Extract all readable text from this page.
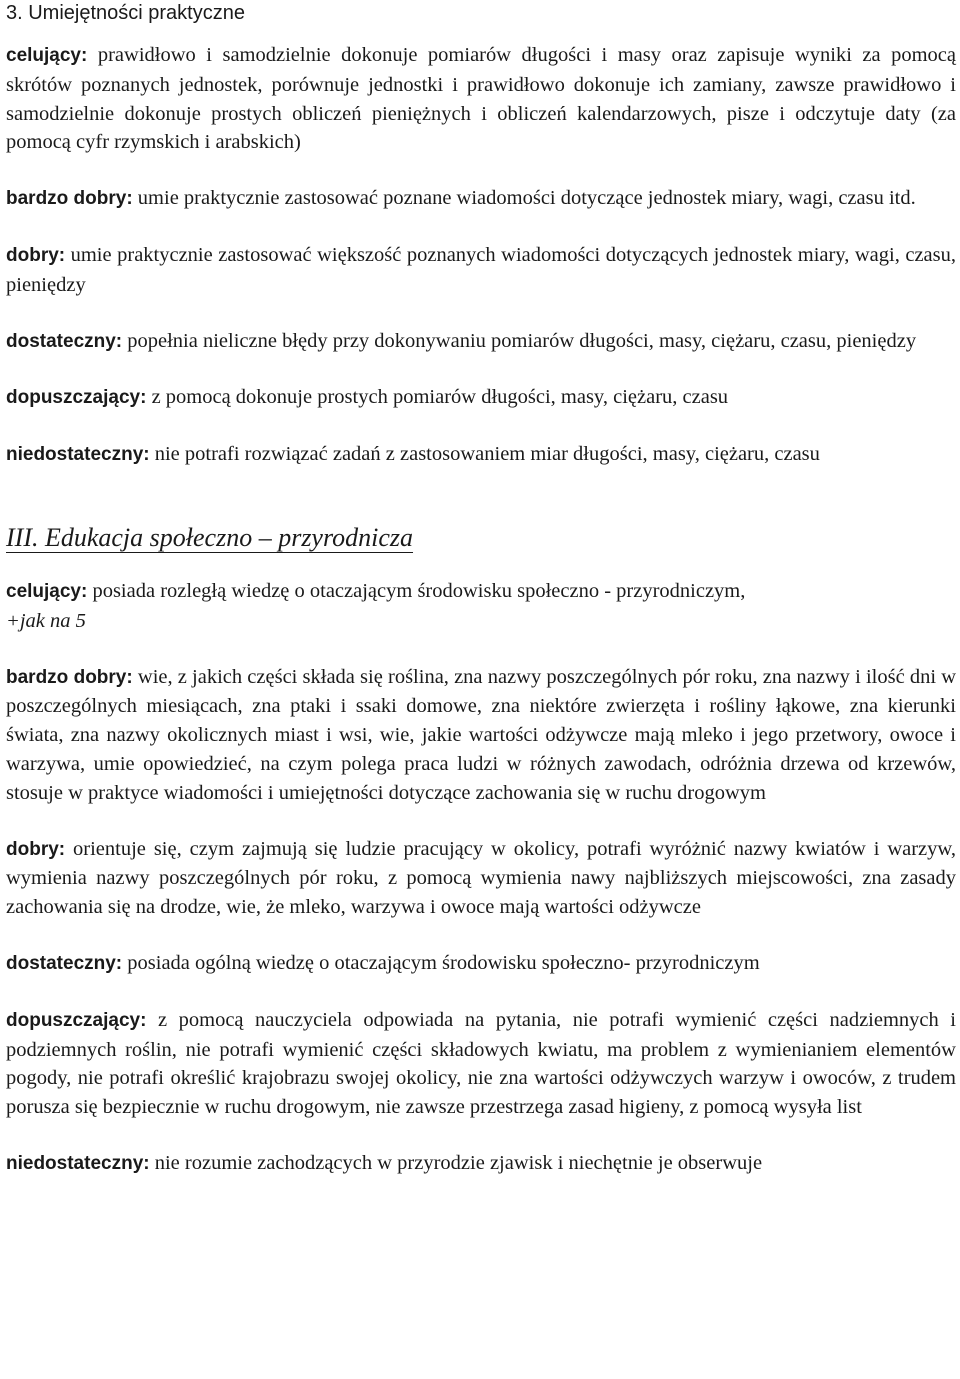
3. Umiejętności praktyczne

celujący: prawidłowo i samodzielnie dokonuje pomiarów długości i masy oraz zapisuje wyniki za pomocą skrótów poznanych jednostek, porównuje jednostki i prawidłowo dokonuje ich zamiany, zawsze prawidłowo i samodzielnie dokonuje prostych obliczeń pieniężnych i obliczeń kalendarzowych, pisze i odczytuje daty (za pomocą cyfr rzymskich i arabskich)

bardzo dobry: umie praktycznie zastosować poznane wiadomości dotyczące jednostek miary, wagi, czasu itd.

dobry: umie praktycznie zastosować większość poznanych wiadomości dotyczących jednostek miary, wagi, czasu, pieniędzy

dostateczny: popełnia nieliczne błędy przy dokonywaniu pomiarów długości, masy, ciężaru, czasu, pieniędzy

dopuszczający: z pomocą dokonuje prostych pomiarów długości, masy, ciężaru, czasu

niedostateczny: nie potrafi rozwiązać zadań z zastosowaniem miar długości, masy, ciężaru, czasu

III. Edukacja społeczno – przyrodnicza

celujący: posiada rozległą wiedzę o otaczającym środowisku społeczno - przyrodniczym,
+jak na 5

bardzo dobry: wie, z jakich części składa się roślina, zna nazwy poszczególnych pór roku, zna nazwy i ilość dni w poszczególnych miesiącach, zna ptaki i ssaki domowe, zna niektóre zwierzęta i rośliny łąkowe, zna kierunki świata, zna nazwy okolicznych miast i wsi, wie, jakie wartości odżywcze mają mleko i jego przetwory, owoce i warzywa, umie opowiedzieć, na czym polega praca ludzi w różnych zawodach, odróżnia drzewa od krzewów, stosuje w praktyce wiadomości i umiejętności dotyczące zachowania się w ruchu drogowym

dobry: orientuje się, czym zajmują się ludzie pracujący w okolicy, potrafi wyróżnić nazwy kwiatów i warzyw, wymienia nazwy poszczególnych pór roku, z pomocą wymienia nawy najbliższych miejscowości, zna zasady zachowania się na drodze, wie, że mleko, warzywa i owoce mają wartości odżywcze

dostateczny: posiada ogólną wiedzę o otaczającym środowisku społeczno- przyrodniczym

dopuszczający: z pomocą nauczyciela odpowiada na pytania, nie potrafi wymienić części nadziemnych i podziemnych roślin, nie potrafi wymienić części składowych kwiatu, ma problem z wymienianiem elementów pogody, nie potrafi określić krajobrazu swojej okolicy, nie zna wartości odżywczych warzyw i owoców, z trudem porusza się bezpiecznie w ruchu drogowym, nie zawsze przestrzega zasad higieny, z pomocą wysyła list

niedostateczny: nie rozumie zachodzących w przyrodzie zjawisk i niechętnie je obserwuje
